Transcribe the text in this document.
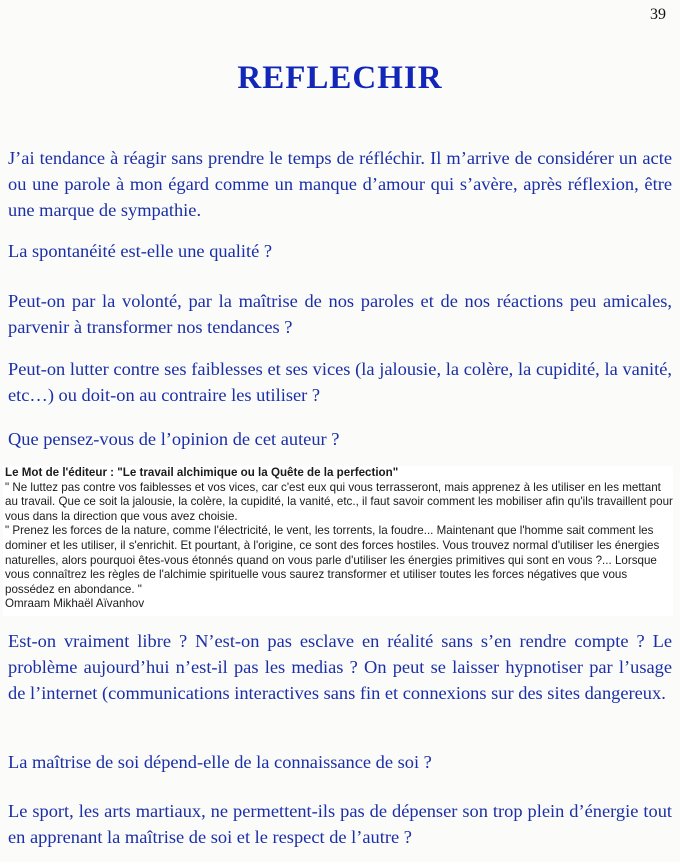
39
REFLECHIR

J’ai tendance à réagir sans prendre le temps de réfléchir. Il m’arrive de considérer un acte ou une parole à mon égard comme un manque d’amour qui s’avère, après réflexion, être une marque de sympathie.

La spontanéité est-elle une qualité ?

Peut-on par la volonté, par la maîtrise de nos paroles et de nos réactions peu amicales, parvenir à transformer nos tendances ?

Peut-on lutter contre ses faiblesses et ses vices (la jalousie, la colère, la cupidité, la vanité, etc…) ou doit-on au contraire les utiliser ?

Que pensez-vous de l’opinion de cet auteur ?

Le Mot de l'éditeur : "Le travail alchimique ou la Quête de la perfection"
" Ne luttez pas contre vos faiblesses et vos vices, car c'est eux qui vous terrasseront, mais apprenez à les utiliser en les mettant au travail. Que ce soit la jalousie, la colère, la cupidité, la vanité, etc., il faut savoir comment les mobiliser afin qu'ils travaillent pour vous dans la direction que vous avez choisie.
" Prenez les forces de la nature, comme l'électricité, le vent, les torrents, la foudre... Maintenant que l'homme sait comment les dominer et les utiliser, il s'enrichit. Et pourtant, à l'origine, ce sont des forces hostiles. Vous trouvez normal d'utiliser les énergies naturelles, alors pourquoi êtes-vous étonnés quand on vous parle d'utiliser les énergies primitives qui sont en vous ?... Lorsque vous connaîtrez les règles de l'alchimie spirituelle vous saurez transformer et utiliser toutes les forces négatives que vous possédez en abondance. "
Omraam Mikhaël Aïvanhov

Est-on vraiment libre ? N’est-on pas esclave en réalité sans s’en rendre compte ? Le problème aujourd’hui n’est-il pas les medias ? On peut se laisser hypnotiser par l’usage de l’internet (communications interactives sans fin et connexions sur des sites dangereux.

La maîtrise de soi dépend-elle de la connaissance de soi ?

Le sport, les arts martiaux, ne permettent-ils pas de dépenser son trop plein d’énergie tout en apprenant la maîtrise de soi et le respect de l’autre ?
